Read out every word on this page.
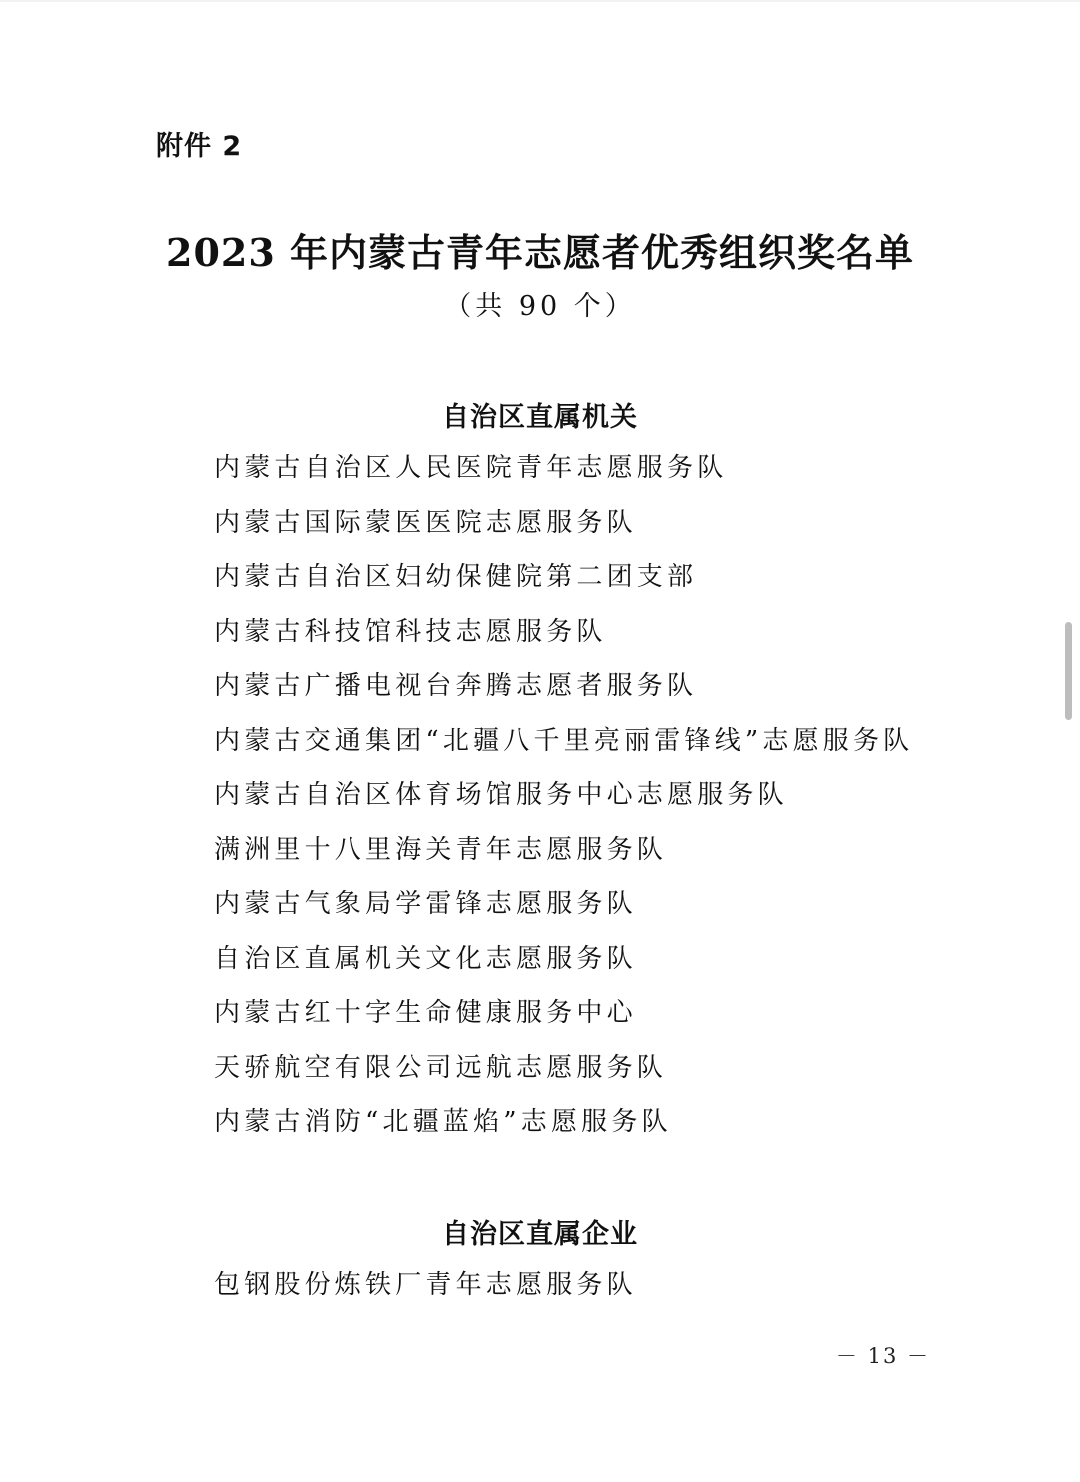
附件 2
2023 年内蒙古青年志愿者优秀组织奖名单
（共 90 个）
自治区直属机关
内蒙古自治区人民医院青年志愿服务队
内蒙古国际蒙医医院志愿服务队
内蒙古自治区妇幼保健院第二团支部
内蒙古科技馆科技志愿服务队
内蒙古广播电视台奔腾志愿者服务队
内蒙古交通集团“北疆八千里亮丽雷锋线”志愿服务队
内蒙古自治区体育场馆服务中心志愿服务队
满洲里十八里海关青年志愿服务队
内蒙古气象局学雷锋志愿服务队
自治区直属机关文化志愿服务队
内蒙古红十字生命健康服务中心
天骄航空有限公司远航志愿服务队
内蒙古消防“北疆蓝焰”志愿服务队
自治区直属企业
包钢股份炼铁厂青年志愿服务队
－ 13 －
